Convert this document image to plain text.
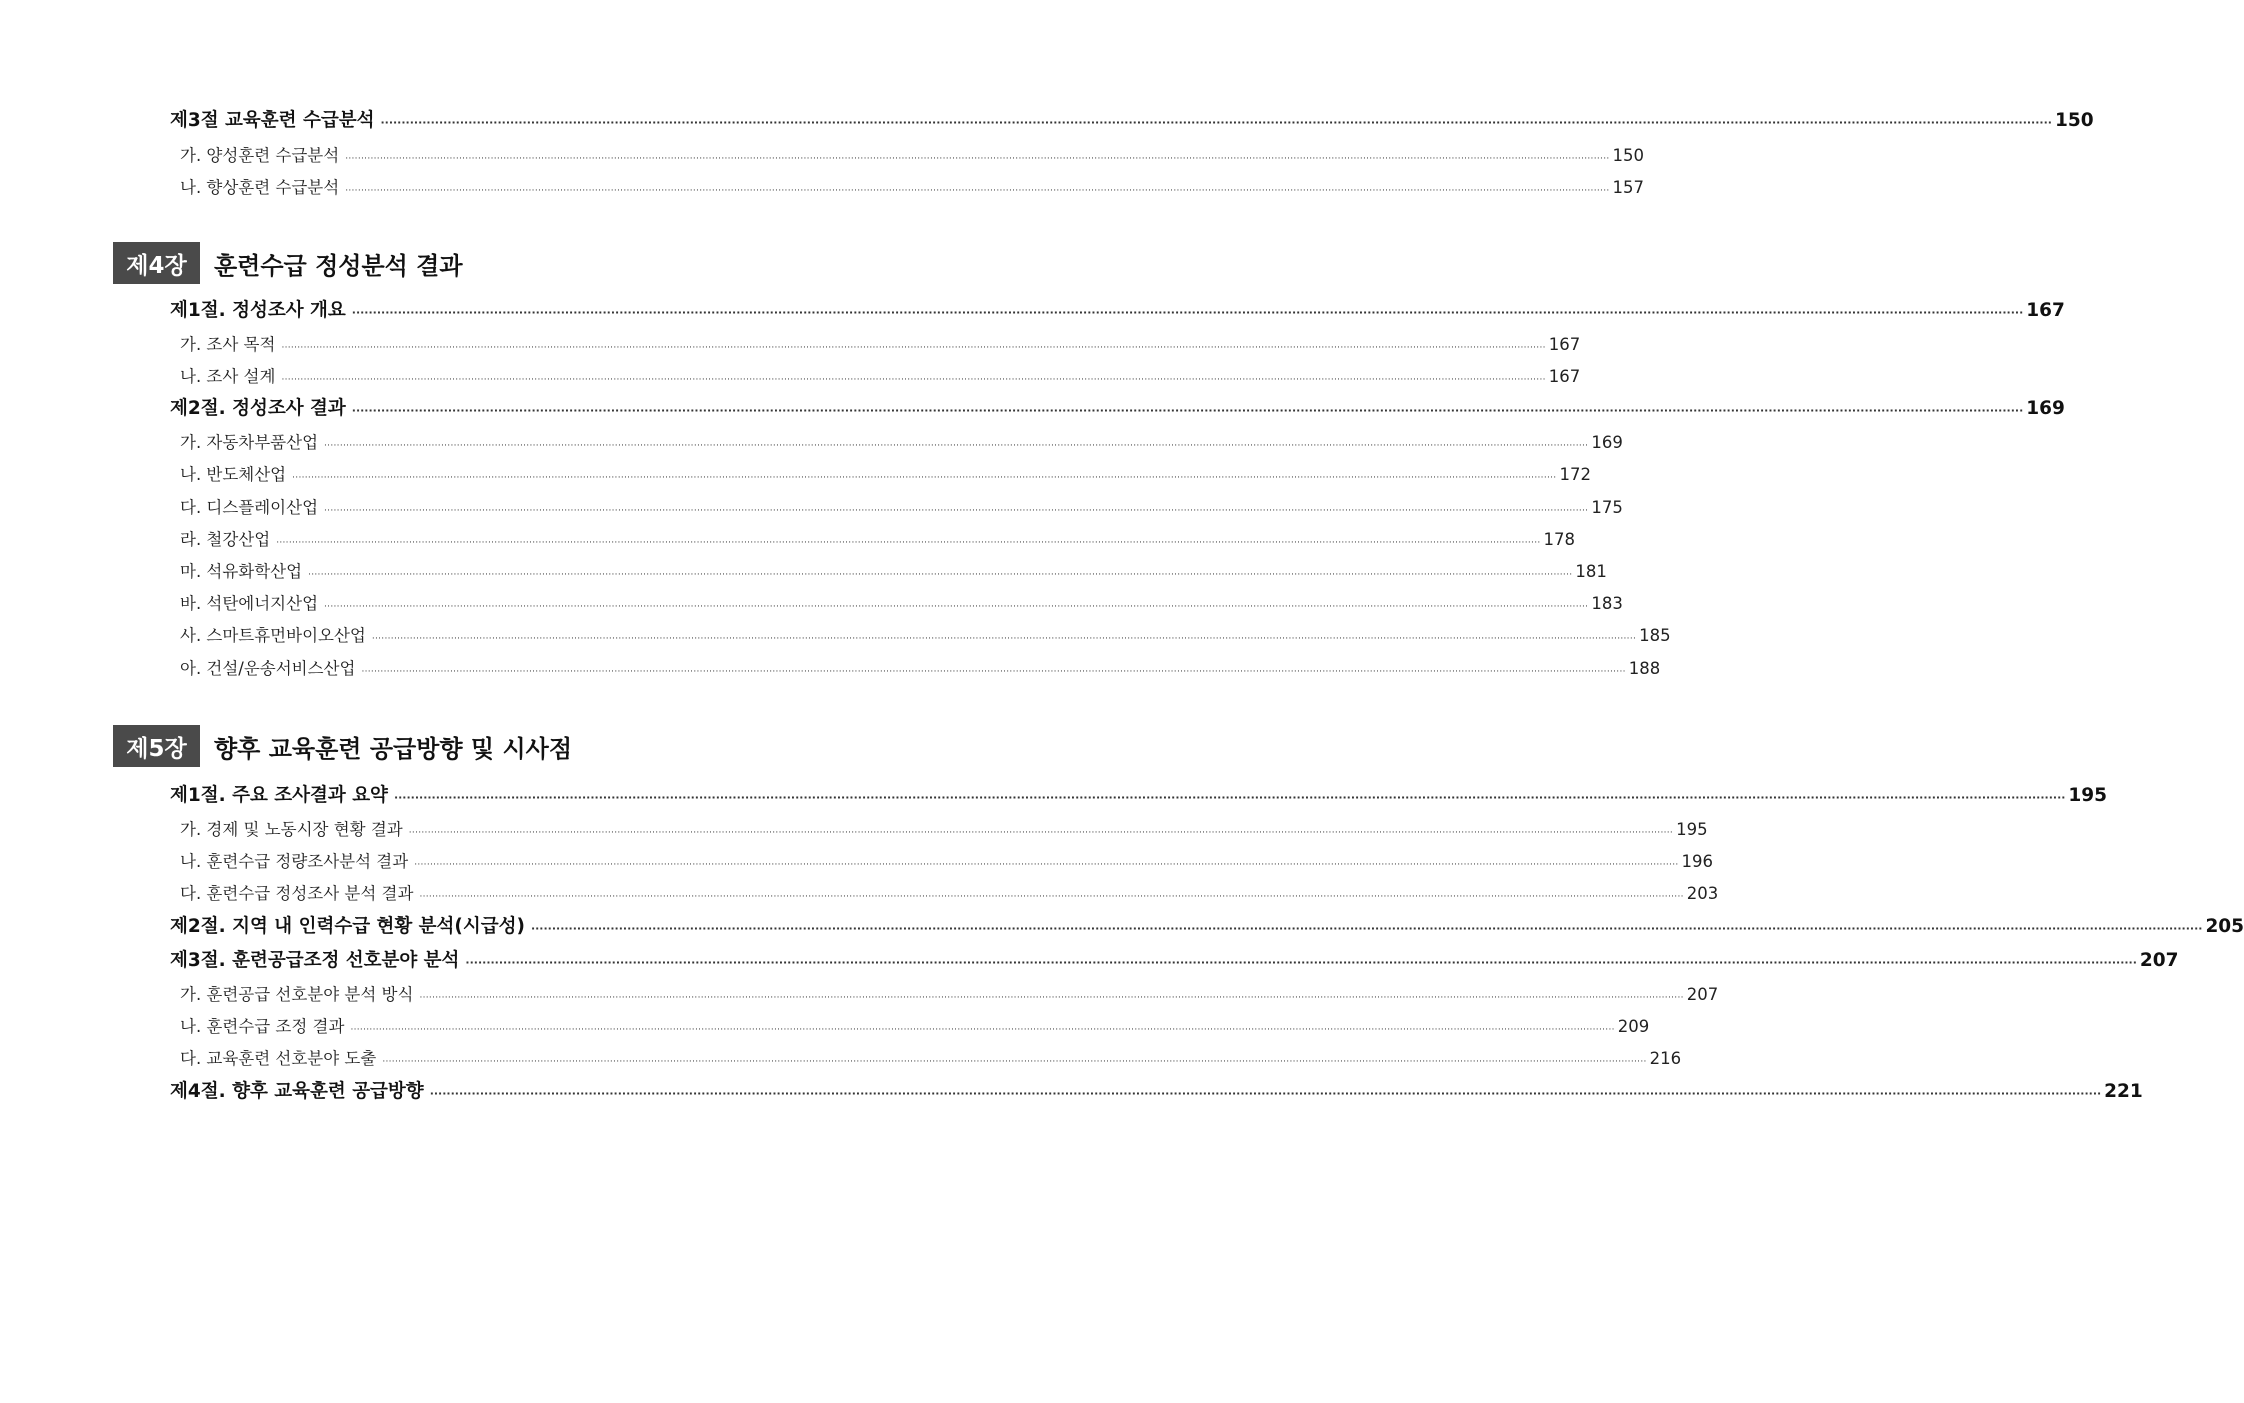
제3절 교육훈련 수급분석 ················································································································································································································································································································································································································ 150
가. 양성훈련 수급분석 ················································································································································································································································································································································································································ 150
나. 향상훈련 수급분석 ················································································································································································································································································································································································································ 157
제4장	훈련수급 정성분석 결과
제1절. 정성조사 개요 ················································································································································································································································································································································································································ 167
가. 조사 목적 ················································································································································································································································································································································································································ 167
나. 조사 설계 ················································································································································································································································································································································································································ 167
제2절. 정성조사 결과 ················································································································································································································································································································································································································ 169
가. 자동차부품산업 ················································································································································································································································································································································································································ 169
나. 반도체산업 ················································································································································································································································································································································································································ 172
다. 디스플레이산업 ················································································································································································································································································································································································································ 175
라. 철강산업 ················································································································································································································································································································································································································ 178
마. 석유화학산업 ················································································································································································································································································································································································································ 181
바. 석탄에너지산업 ················································································································································································································································································································································································································ 183
사. 스마트휴먼바이오산업 ················································································································································································································································································································································································································ 185
아. 건설/운송서비스산업 ················································································································································································································································································································································································································ 188
제5장	향후 교육훈련 공급방향 및 시사점
제1절. 주요 조사결과 요약 ················································································································································································································································································································································································································ 195
가. 경제 및 노동시장 현황 결과 ················································································································································································································································································································································································································ 195
나. 훈련수급 정량조사분석 결과 ················································································································································································································································································································································································································ 196
다. 훈련수급 정성조사 분석 결과 ················································································································································································································································································································································································································ 203
제2절. 지역 내 인력수급 현황 분석(시급성) ················································································································································································································································································································································································································ 205
제3절. 훈련공급조정 선호분야 분석 ················································································································································································································································································································································································································ 207
가. 훈련공급 선호분야 분석 방식 ················································································································································································································································································································································································································ 207
나. 훈련수급 조정 결과 ················································································································································································································································································································································································································ 209
다. 교육훈련 선호분야 도출 ················································································································································································································································································································································································································ 216
제4절. 향후 교육훈련 공급방향 ················································································································································································································································································································································································································ 221
